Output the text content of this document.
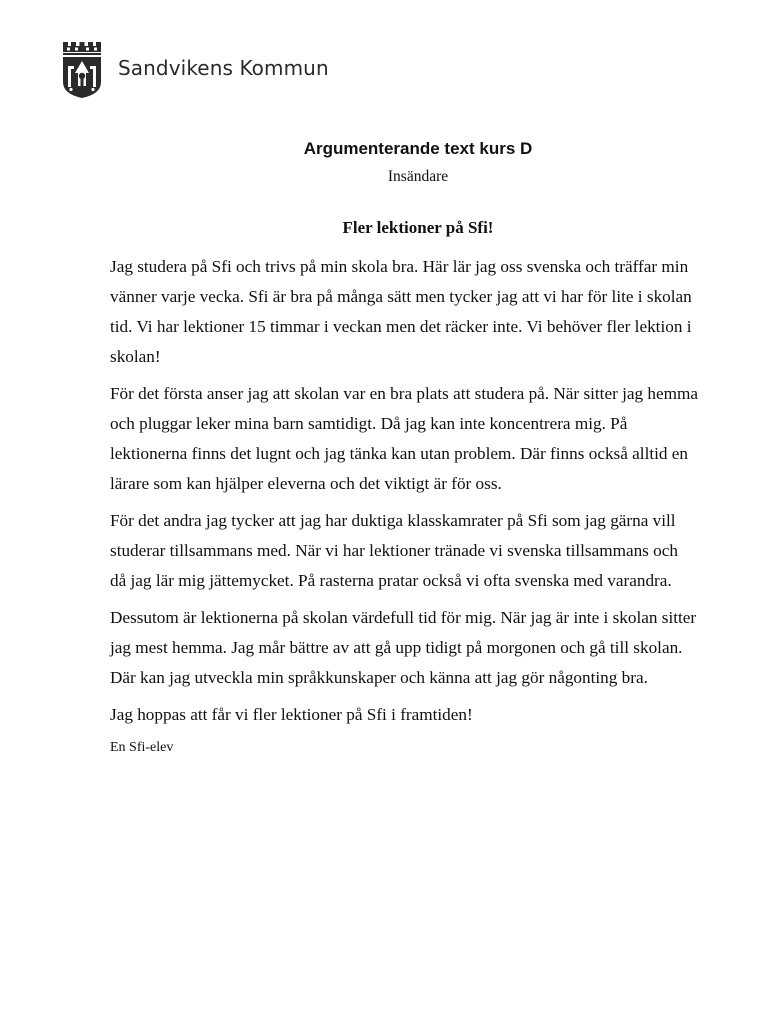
Sandvikens Kommun
Argumenterande text kurs D
Insändare
Fler lektioner på Sfi!

Jag studera på Sfi och trivs på min skola bra. Här lär jag oss svenska och träffar min vänner varje vecka. Sfi är bra på många sätt men tycker jag att vi har för lite i skolan tid. Vi har lektioner 15 timmar i veckan men det räcker inte. Vi behöver fler lektion i skolan!

För det första anser jag att skolan var en bra plats att studera på. När sitter jag hemma och pluggar leker mina barn samtidigt. Då jag kan inte koncentrera mig. På lektionerna finns det lugnt och jag tänka kan utan problem. Där finns också alltid en lärare som kan hjälper eleverna och det viktigt är för oss.

För det andra jag tycker att jag har duktiga klasskamrater på Sfi som jag gärna vill studerar tillsammans med. När vi har lektioner tränade vi svenska tillsammans och då jag lär mig jättemycket. På rasterna pratar också vi ofta svenska med varandra.

Dessutom är lektionerna på skolan värdefull tid för mig. När jag är inte i skolan sitter jag mest hemma. Jag mår bättre av att gå upp tidigt på morgonen och gå till skolan. Där kan jag utveckla min språkkunskaper och känna att jag gör någonting bra.

Jag hoppas att får vi fler lektioner på Sfi i framtiden!

En Sfi-elev
